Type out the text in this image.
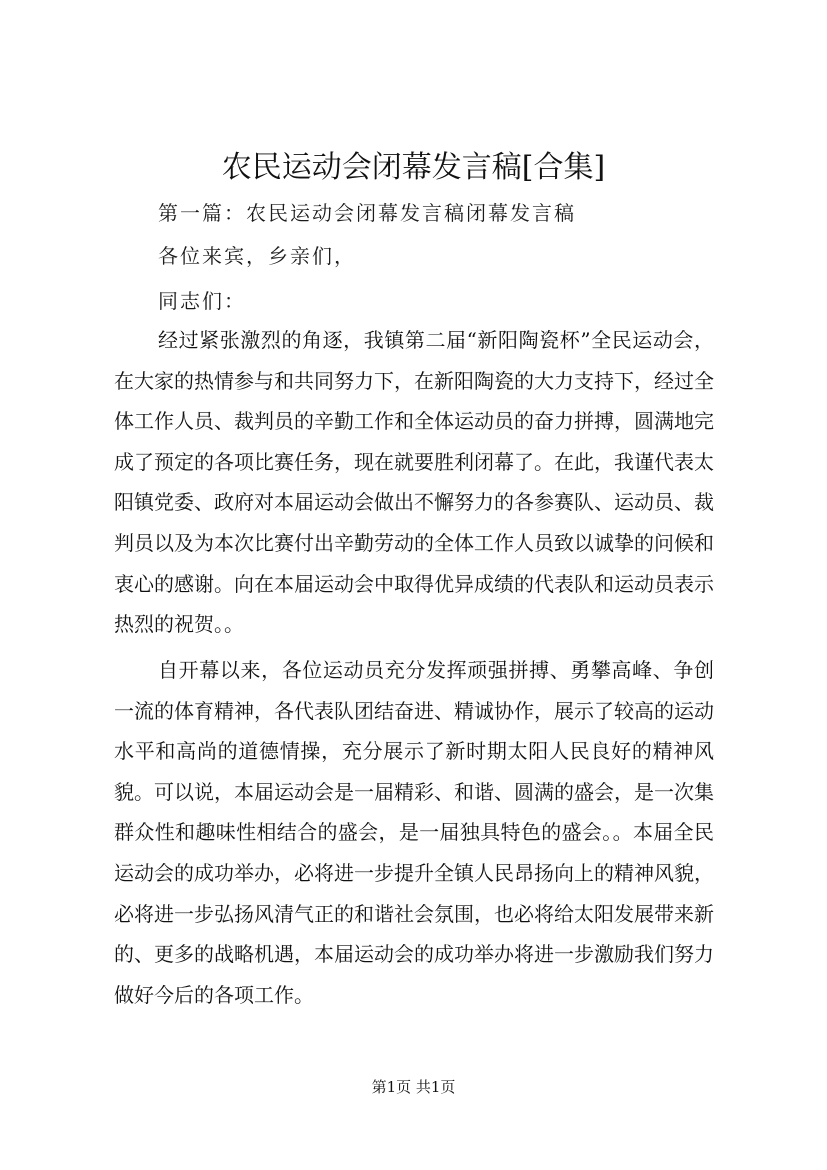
农民运动会闭幕发言稿[合集]
第一篇：农民运动会闭幕发言稿闭幕发言稿
各位来宾，乡亲们，
同志们：

经过紧张激烈的角逐，我镇第二届“新阳陶瓷杯”全民运动会，在大家的热情参与和共同努力下，在新阳陶瓷的大力支持下，经过全体工作人员、裁判员的辛勤工作和全体运动员的奋力拼搏，圆满地完成了预定的各项比赛任务，现在就要胜利闭幕了。在此，我谨代表太阳镇党委、政府对本届运动会做出不懈努力的各参赛队、运动员、裁判员以及为本次比赛付出辛勤劳动的全体工作人员致以诚挚的问候和衷心的感谢。向在本届运动会中取得优异成绩的代表队和运动员表示热烈的祝贺。。

自开幕以来，各位运动员充分发挥顽强拼搏、勇攀高峰、争创一流的体育精神，各代表队团结奋进、精诚协作，展示了较高的运动水平和高尚的道德情操，充分展示了新时期太阳人民良好的精神风貌。可以说，本届运动会是一届精彩、和谐、圆满的盛会，是一次集群众性和趣味性相结合的盛会，是一届独具特色的盛会。。本届全民运动会的成功举办，必将进一步提升全镇人民昂扬向上的精神风貌，必将进一步弘扬风清气正的和谐社会氛围，也必将给太阳发展带来新的、更多的战略机遇，本届运动会的成功举办将进一步激励我们努力做好今后的各项工作。

第1页 共1页
